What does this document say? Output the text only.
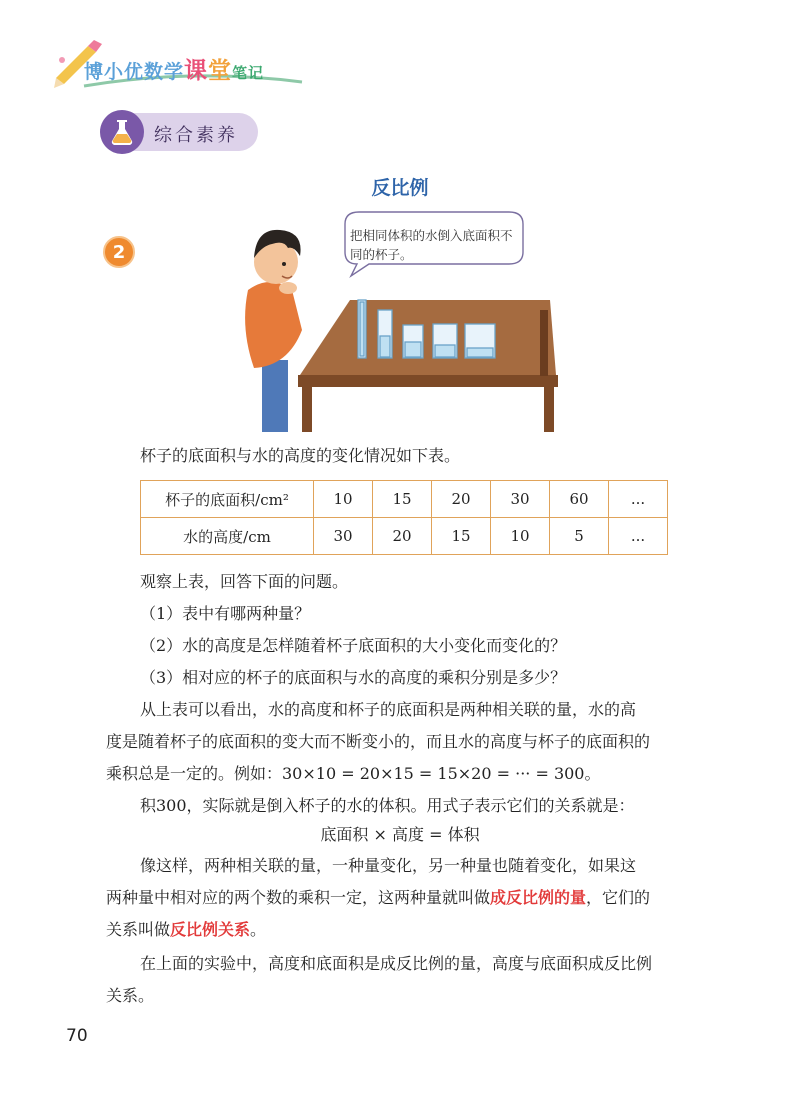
博小优数学课堂笔记
综合素养
反比例
2
把相同体积的水倒入底面积不同的杯子。
杯子的底面积与水的高度的变化情况如下表。
杯子的底面积/cm²	10	15	20	30	60	...
水的高度/cm	30	20	15	10	5	...
观察上表，回答下面的问题。
（1）表中有哪两种量？
（2）水的高度是怎样随着杯子底面积的大小变化而变化的？
（3）相对应的杯子的底面积与水的高度的乘积分别是多少？
从上表可以看出，水的高度和杯子的底面积是两种相关联的量，水的高
度是随着杯子的底面积的变大而不断变小的，而且水的高度与杯子的底面积的
乘积总是一定的。例如：30×10 = 20×15 = 15×20 = ··· = 300。
积300，实际就是倒入杯子的水的体积。用式子表示它们的关系就是：
底面积 × 高度 = 体积
像这样，两种相关联的量，一种量变化，另一种量也随着变化，如果这
两种量中相对应的两个数的乘积一定，这两种量就叫做成反比例的量，它们的
关系叫做反比例关系。
在上面的实验中，高度和底面积是成反比例的量，高度与底面积成反比例
关系。
70
